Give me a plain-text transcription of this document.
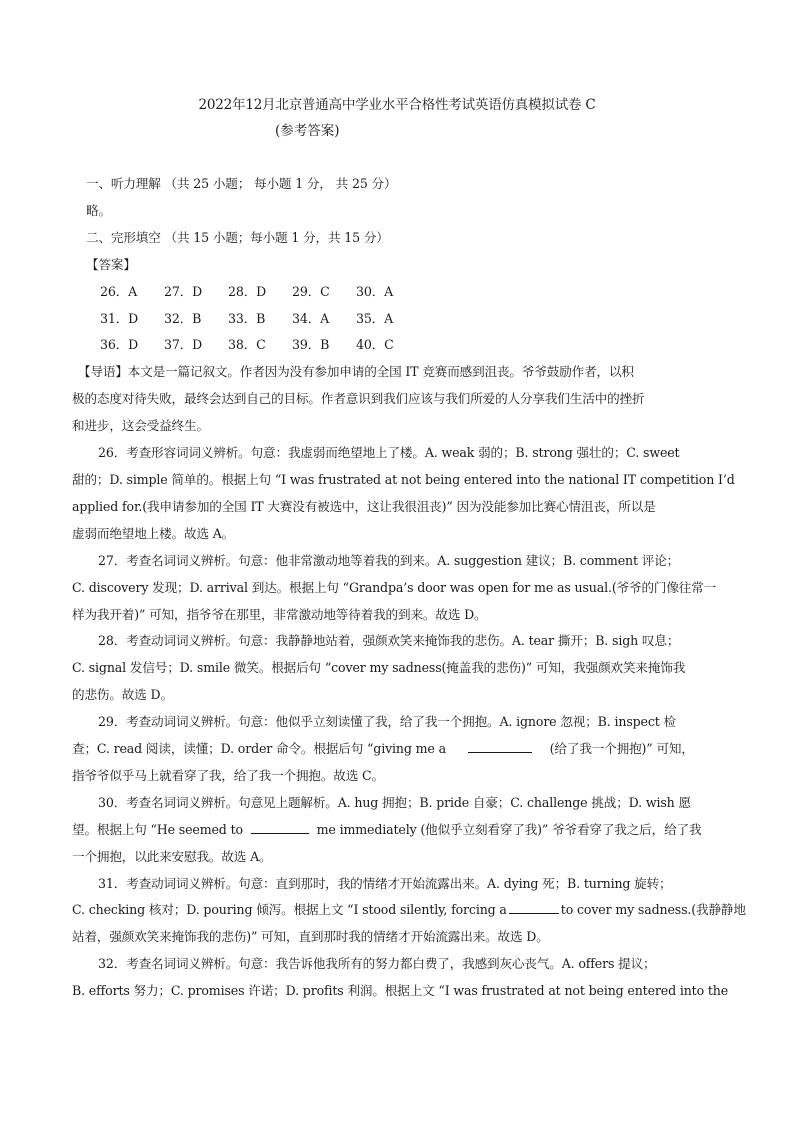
2022年12月北京普通高中学业水平合格性考试英语仿真模拟试卷 C
(参考答案)
一、听力理解 （共 25 小题； 每小题 1 分， 共 25 分）
略。
二、完形填空 （共 15 小题；每小题 1 分，共 15 分）
【答案】
26．A	27．D	28．D	29．C	30．A
31．D	32．B	33．B	34．A	35．A
36．D	37．D	38．C	39．B	40．C
【导语】本文是一篇记叙文。作者因为没有参加申请的全国 IT 竞赛而感到沮丧。爷爷鼓励作者，以积
极的态度对待失败，最终会达到自己的目标。作者意识到我们应该与我们所爱的人分享我们生活中的挫折
和进步，这会受益终生。
26．考查形容词词义辨析。句意：我虚弱而绝望地上了楼。A. weak 弱的；B. strong 强壮的；C. sweet
甜的；D. simple 简单的。根据上句 “I was frustrated at not being entered into the national IT competition I’d
applied for.(我申请参加的全国 IT 大赛没有被选中，这让我很沮丧)” 因为没能参加比赛心情沮丧，所以是
虚弱而绝望地上楼。故选 A。
27．考查名词词义辨析。句意：他非常激动地等着我的到来。A. suggestion 建议；B. comment 评论；
C. discovery 发现；D. arrival 到达。根据上句 “Grandpa’s door was open for me as usual.(爷爷的门像往常一
样为我开着)” 可知，指爷爷在那里，非常激动地等待着我的到来。故选 D。
28．考查动词词义辨析。句意：我静静地站着，强颜欢笑来掩饰我的悲伤。A. tear 撕开；B. sigh 叹息；
C. signal 发信号；D. smile 微笑。根据后句 “cover my sadness(掩盖我的悲伤)” 可知，我强颜欢笑来掩饰我
的悲伤。故选 D。
29．考查动词词义辨析。句意：他似乎立刻读懂了我，给了我一个拥抱。A. ignore 忽视；B. inspect 检
查；C. read 阅读，读懂；D. order 命令。根据后句 “giving me a	(给了我一个拥抱)” 可知，
指爷爷似乎马上就看穿了我，给了我一个拥抱。故选 C。
30．考查名词词义辨析。句意见上题解析。A. hug 拥抱；B. pride 自豪；C. challenge 挑战；D. wish 愿
望。根据上句 “He seemed to	me immediately (他似乎立刻看穿了我)” 爷爷看穿了我之后，给了我
一个拥抱，以此来安慰我。故选 A。
31．考查动词词义辨析。句意：直到那时，我的情绪才开始流露出来。A. dying 死；B. turning 旋转；
C. checking 核对；D. pouring 倾泻。根据上文 “I stood silently, forcing a	to cover my sadness.(我静静地
站着，强颜欢笑来掩饰我的悲伤)” 可知，直到那时我的情绪才开始流露出来。故选 D。
32．考查名词词义辨析。句意：我告诉他我所有的努力都白费了，我感到灰心丧气。A. offers 提议；
B. efforts 努力；C. promises 许诺；D. profits 利润。根据上文 “I was frustrated at not being entered into the
